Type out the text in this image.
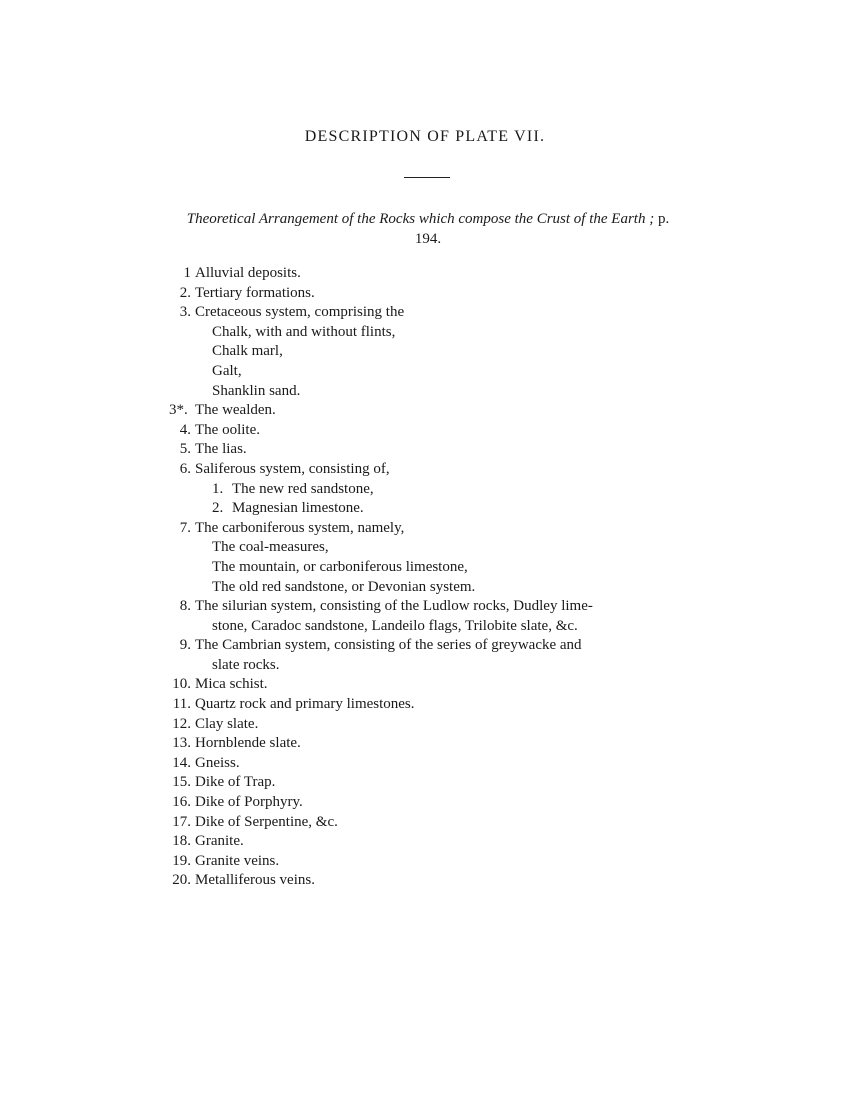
DESCRIPTION OF PLATE VII.
Theoretical Arrangement of the Rocks which compose the Crust of the Earth ; p. 194.
1 Alluvial deposits.
2. Tertiary formations.
3. Cretaceous system, comprising the
Chalk, with and without flints,
Chalk marl,
Galt,
Shanklin sand.
3*. The wealden.
4. The oolite.
5. The lias.
6. Saliferous system, consisting of,
1. The new red sandstone,
2. Magnesian limestone.
7. The carboniferous system, namely,
The coal-measures,
The mountain, or carboniferous limestone,
The old red sandstone, or Devonian system.
8. The silurian system, consisting of the Ludlow rocks, Dudley lime-
stone, Caradoc sandstone, Landeilo flags, Trilobite slate, &c.
9. The Cambrian system, consisting of the series of greywacke and
slate rocks.
10. Mica schist.
11. Quartz rock and primary limestones.
12. Clay slate.
13. Hornblende slate.
14. Gneiss.
15. Dike of Trap.
16. Dike of Porphyry.
17. Dike of Serpentine, &c.
18. Granite.
19. Granite veins.
20. Metalliferous veins.
